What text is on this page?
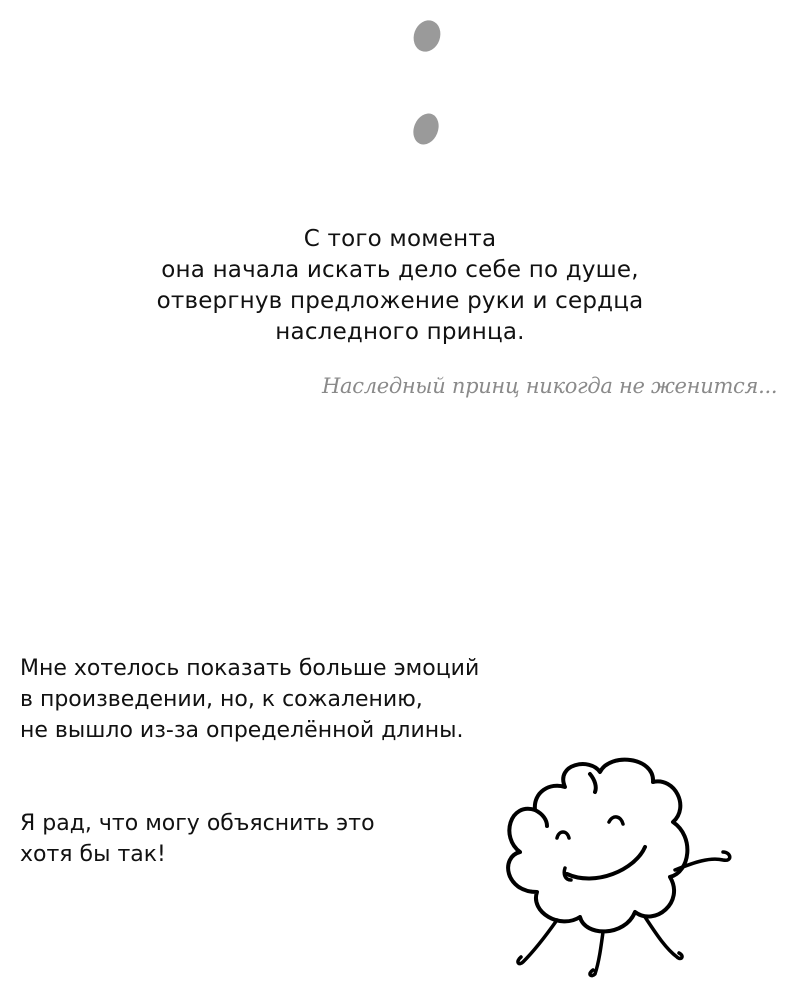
С того момента
она начала искать дело себе по душе,
отвергнув предложение руки и сердца
наследного принца.
Наследный принц никогда не женится...
Мне хотелось показать больше эмоций
в произведении, но, к сожалению,
не вышло из-за определённой длины.
Я рад, что могу объяснить это
хотя бы так!
